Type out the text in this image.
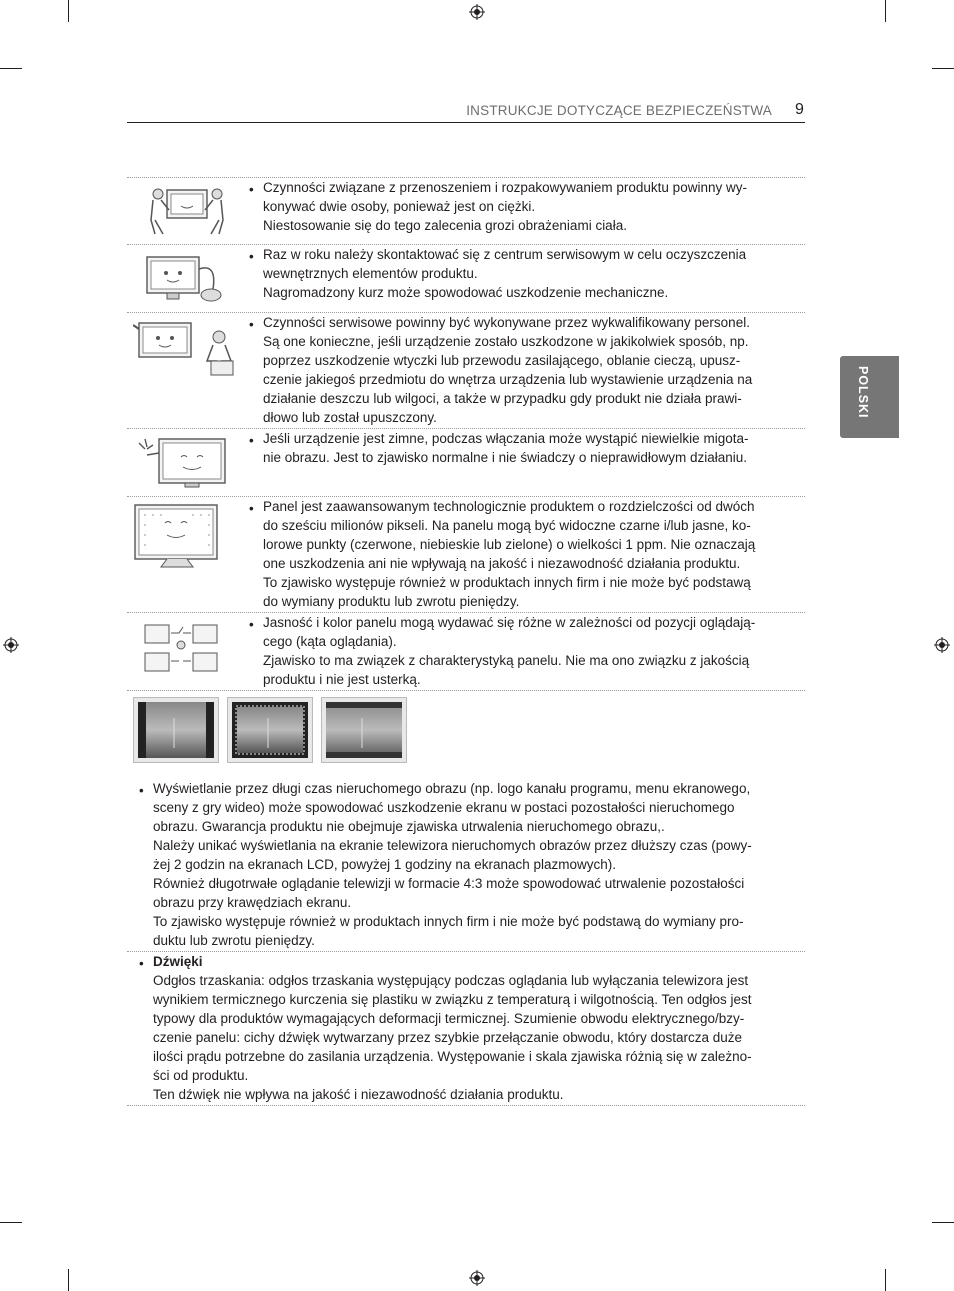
INSTRUKCJE DOTYCZĄCE BEZPIECZEŃSTWA 9
POLSKI
• Czynności związane z przenoszeniem i rozpakowywaniem produktu powinny wy-

konywać dwie osoby, ponieważ jest on ciężki.

Niestosowanie się do tego zalecenia grozi obrażeniami ciała.

• Raz w roku należy skontaktować się z centrum serwisowym w celu oczyszczenia

wewnętrznych elementów produktu.

Nagromadzony kurz może spowodować uszkodzenie mechaniczne.

• Czynności serwisowe powinny być wykonywane przez wykwalifikowany personel.

Są one konieczne, jeśli urządzenie zostało uszkodzone w jakikolwiek sposób, np.

poprzez uszkodzenie wtyczki lub przewodu zasilającego, oblanie cieczą, upusz-

czenie jakiegoś przedmiotu do wnętrza urządzenia lub wystawienie urządzenia na

działanie deszczu lub wilgoci, a także w przypadku gdy produkt nie działa prawi-

dłowo lub został upuszczony.

• Jeśli urządzenie jest zimne, podczas włączania może wystąpić niewielkie migota-

nie obrazu. Jest to zjawisko normalne i nie świadczy o nieprawidłowym działaniu.

• Panel jest zaawansowanym technologicznie produktem o rozdzielczości od dwóch

do sześciu milionów pikseli. Na panelu mogą być widoczne czarne i/lub jasne, ko-

lorowe punkty (czerwone, niebieskie lub zielone) o wielkości 1 ppm. Nie oznaczają

one uszkodzenia ani nie wpływają na jakość i niezawodność działania produktu.

To zjawisko występuje również w produktach innych firm i nie może być podstawą

do wymiany produktu lub zwrotu pieniędzy.

• Jasność i kolor panelu mogą wydawać się różne w zależności od pozycji oglądają-

cego (kąta oglądania).

Zjawisko to ma związek z charakterystyką panelu. Nie ma ono związku z jakością

produktu i nie jest usterką.

• Wyświetlanie przez długi czas nieruchomego obrazu (np. logo kanału programu, menu ekranowego,

sceny z gry wideo) może spowodować uszkodzenie ekranu w postaci pozostałości nieruchomego

obrazu. Gwarancja produktu nie obejmuje zjawiska utrwalenia nieruchomego obrazu,.

Należy unikać wyświetlania na ekranie telewizora nieruchomych obrazów przez dłuższy czas (powy-

żej 2 godzin na ekranach LCD, powyżej 1 godziny na ekranach plazmowych).

Również długotrwałe oglądanie telewizji w formacie 4:3 może spowodować utrwalenie pozostałości

obrazu przy krawędziach ekranu.

To zjawisko występuje również w produktach innych firm i nie może być podstawą do wymiany pro-

duktu lub zwrotu pieniędzy.

• Dźwięki

Odgłos trzaskania: odgłos trzaskania występujący podczas oglądania lub wyłączania telewizora jest

wynikiem termicznego kurczenia się plastiku w związku z temperaturą i wilgotnością. Ten odgłos jest

typowy dla produktów wymagających deformacji termicznej. Szumienie obwodu elektrycznego/bzy-

czenie panelu: cichy dźwięk wytwarzany przez szybkie przełączanie obwodu, który dostarcza duże

ilości prądu potrzebne do zasilania urządzenia. Występowanie i skala zjawiska różnią się w zależno-

ści od produktu.

Ten dźwięk nie wpływa na jakość i niezawodność działania produktu.
